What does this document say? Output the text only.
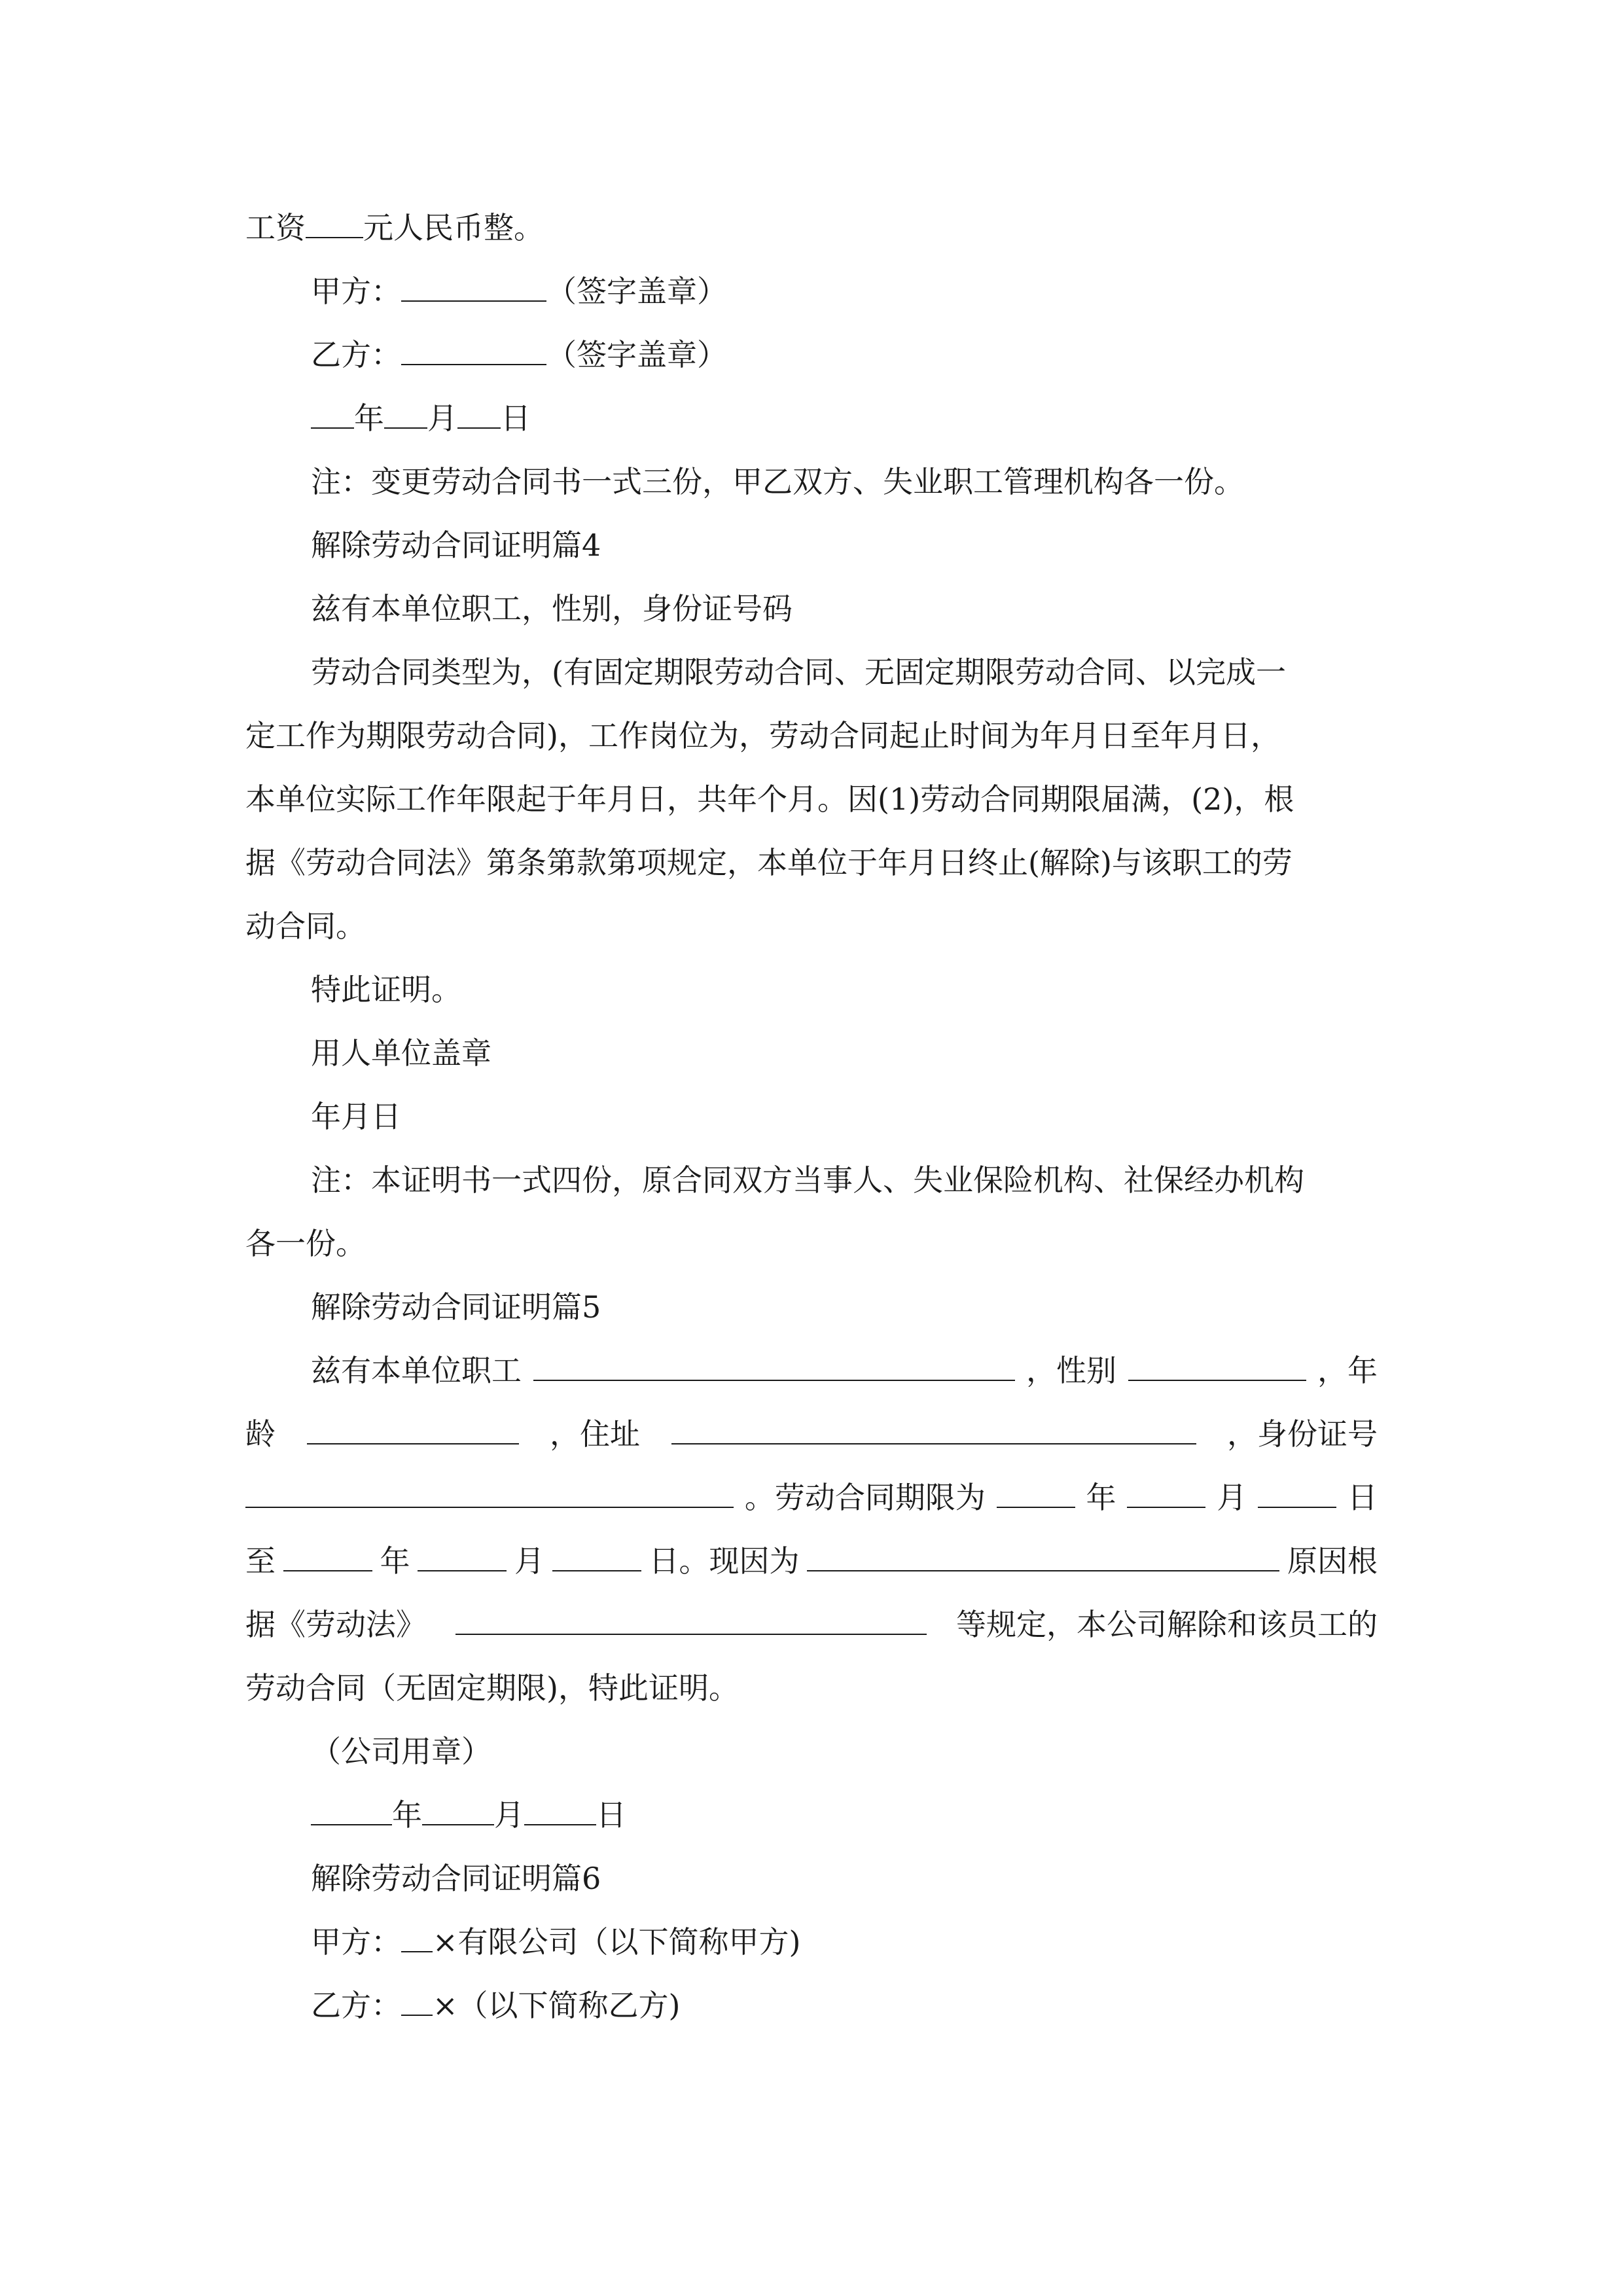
工资 元人民币整。
甲方：	（签字盖章）
乙方：	（签字盖章）
年 月 日
注：变更劳动合同书一式三份，甲乙双方、失业职工管理机构各一份。
解除劳动合同证明篇4
兹有本单位职工，性别，身份证号码
劳动合同类型为，(有固定期限劳动合同、无固定期限劳动合同、以完成一
定工作为期限劳动合同)，工作岗位为，劳动合同起止时间为年月日至年月日，
本单位实际工作年限起于年月日，共年个月。因(1)劳动合同期限届满，(2)，根
据《劳动合同法》第条第款第项规定，本单位于年月日终止(解除)与该职工的劳
动合同。
特此证明。
用人单位盖章
年月日
注：本证明书一式四份，原合同双方当事人、失业保险机构、社保经办机构
各一份。
解除劳动合同证明篇5
兹有本单位职工	，性别	，年
龄	，住址	，身份证号
。劳动合同期限为	年	月	日
至	年	月	日。现因为	原因根
据《劳动法》	等规定，本公司解除和该员工的
劳动合同（无固定期限)，特此证明。
（公司用章）
年 月 日
解除劳动合同证明篇6
甲方： ×有限公司（以下简称甲方)
乙方： ×（以下简称乙方)
